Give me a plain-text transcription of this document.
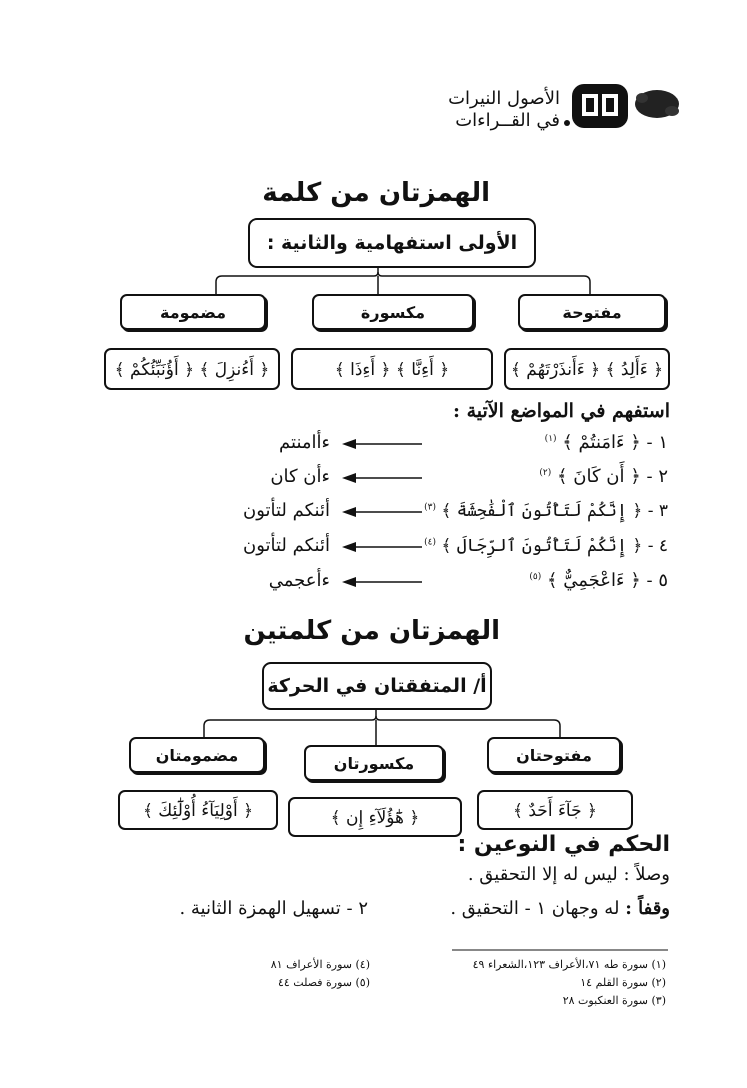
الأصول النيرات
في القــراءات
الهمزتان من كلمة
الأولى استفهامية والثانية :
مفتوحة
مكسورة
مضمومة
﴿ ءَأَلِدُ ﴾ ﴿ ءَأَنذَرْتَهُمْ ﴾
﴿ أَءِنَّا ﴾ ﴿ أَءِذَا ﴾
﴿ أَءُنزِلَ ﴾ ﴿ أَؤُنَبِّئُكُمْ ﴾
استفهم في المواضع الآتية :
١ - ﴿ ءَامَنتُمْ ﴾ $^{(١)}$
ءأامنتم
٢ - ﴿ أَن كَانَ ﴾ $^{(٢)}$
ءأن كان
٣ - ﴿ إِنَّكُمْ لَتَأْتُونَ ٱلْفَٰحِشَةَ ﴾ $^{(٣)}$
أئنكم لتأتون
٤ - ﴿ إِنَّكُمْ لَتَأْتُونَ ٱلرِّجَالَ ﴾ $^{(٤)}$
أئنكم لتأتون
٥ - ﴿ ءَاعْجَمِيٌّ ﴾ $^{(٥)}$
ءأعجمي
الهمزتان من كلمتين
أ/ المتفقتان في الحركة
مفتوحتان
مكسورتان
مضمومتان
﴿ جَآءَ أَحَدٌ ﴾
﴿ هَٰٓؤُلَآءِ إِن ﴾
﴿ أَوْلِيَآءُ أُوْلَٰٓئِكَ ﴾
الحكم في النوعين :
وصلاً : ليس له إلا التحقيق .
وقفاً : له وجهان ١ - التحقيق .
٢ - تسهيل الهمزة الثانية .
(١) سورة طه ٧١،الأعراف ١٢٣،الشعراء ٤٩
(٢) سورة القلم ١٤
(٣) سورة العنكبوت ٢٨
(٤) سورة الأعراف ٨١
(٥) سورة فصلت ٤٤
